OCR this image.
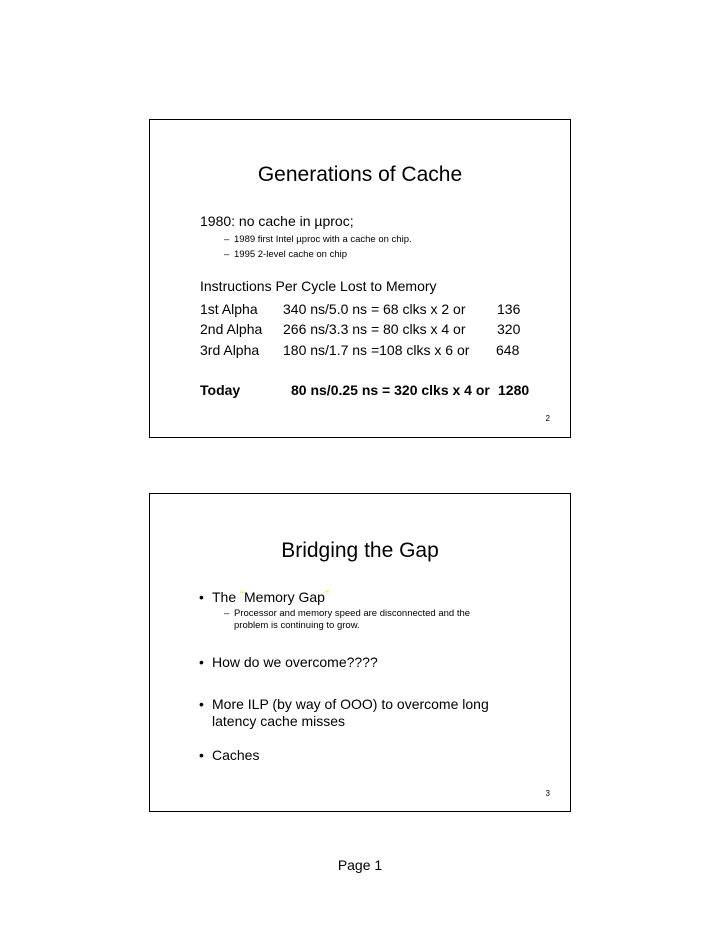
Generations of Cache
1980: no cache in µproc;
– 1989 first Intel µproc with a cache on chip.
– 1995 2-level cache on chip
Instructions Per Cycle Lost to Memory
1st Alpha 340 ns/5.0 ns = 68 clks x 2 or 136
2nd Alpha 266 ns/3.3 ns = 80 clks x 4 or 320
3rd Alpha 180 ns/1.7 ns =108 clks x 6 or 648
Today	80 ns/0.25 ns = 320 clks x 4 or 1280
2
Bridging the Gap
• The “Memory Gap”
– Processor and memory speed are disconnected and the
problem is continuing to grow.
• How do we overcome????
• More ILP (by way of OOO) to overcome long
latency cache misses
• Caches
3
Page 1
